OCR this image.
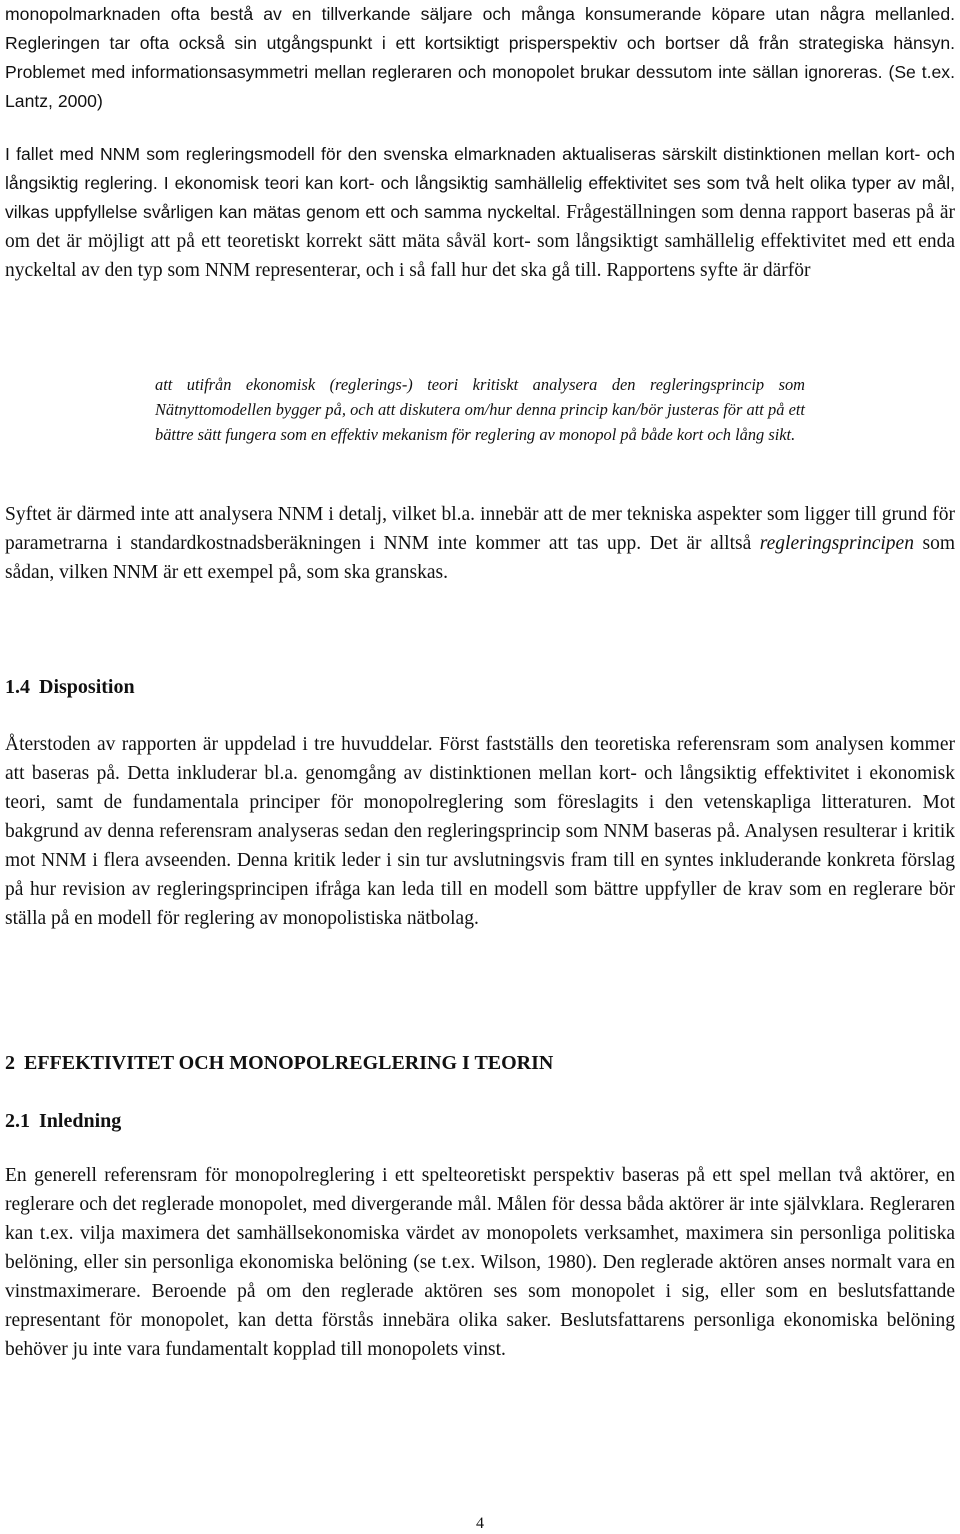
monopolmarknaden ofta bestå av en tillverkande säljare och många konsumerande köpare utan några mellanled. Regleringen tar ofta också sin utgångspunkt i ett kortsiktigt prisperspektiv och bortser då från strategiska hänsyn. Problemet med informationsasymmetri mellan regleraren och monopolet brukar dessutom inte sällan ignoreras. (Se t.ex. Lantz, 2000)

I fallet med NNM som regleringsmodell för den svenska elmarknaden aktualiseras särskilt distinktionen mellan kort- och långsiktig reglering. I ekonomisk teori kan kort- och långsiktig samhällelig effektivitet ses som två helt olika typer av mål, vilkas uppfyllelse svårligen kan mätas genom ett och samma nyckeltal. Frågeställningen som denna rapport baseras på är om det är möjligt att på ett teoretiskt korrekt sätt mäta såväl kort- som långsiktigt samhällelig effektivitet med ett enda nyckeltal av den typ som NNM representerar, och i så fall hur det ska gå till. Rapportens syfte är därför

att utifrån ekonomisk (reglerings-) teori kritiskt analysera den regleringsprincip som Nätnyttomodellen bygger på, och att diskutera om/hur denna princip kan/bör justeras för att på ett bättre sätt fungera som en effektiv mekanism för reglering av monopol på både kort och lång sikt.

Syftet är därmed inte att analysera NNM i detalj, vilket bl.a. innebär att de mer tekniska aspekter som ligger till grund för parametrarna i standardkostnadsberäkningen i NNM inte kommer att tas upp. Det är alltså regleringsprincipen som sådan, vilken NNM är ett exempel på, som ska granskas.

1.4 Disposition

Återstoden av rapporten är uppdelad i tre huvuddelar. Först fastställs den teoretiska referensram som analysen kommer att baseras på. Detta inkluderar bl.a. genomgång av distinktionen mellan kort- och långsiktig effektivitet i ekonomisk teori, samt de fundamentala principer för monopolreglering som föreslagits i den vetenskapliga litteraturen. Mot bakgrund av denna referensram analyseras sedan den regleringsprincip som NNM baseras på. Analysen resulterar i kritik mot NNM i flera avseenden. Denna kritik leder i sin tur avslutningsvis fram till en syntes inkluderande konkreta förslag på hur revision av regleringsprincipen ifråga kan leda till en modell som bättre uppfyller de krav som en reglerare bör ställa på en modell för reglering av monopolistiska nätbolag.

2 EFFEKTIVITET OCH MONOPOLREGLERING I TEORIN
2.1 Inledning

En generell referensram för monopolreglering i ett spelteoretiskt perspektiv baseras på ett spel mellan två aktörer, en reglerare och det reglerade monopolet, med divergerande mål. Målen för dessa båda aktörer är inte självklara. Regleraren kan t.ex. vilja maximera det samhällsekonomiska värdet av monopolets verksamhet, maximera sin personliga politiska belöning, eller sin personliga ekonomiska belöning (se t.ex. Wilson, 1980). Den reglerade aktören anses normalt vara en vinstmaximerare. Beroende på om den reglerade aktören ses som monopolet i sig, eller som en beslutsfattande representant för monopolet, kan detta förstås innebära olika saker. Beslutsfattarens personliga ekonomiska belöning behöver ju inte vara fundamentalt kopplad till monopolets vinst.

4
